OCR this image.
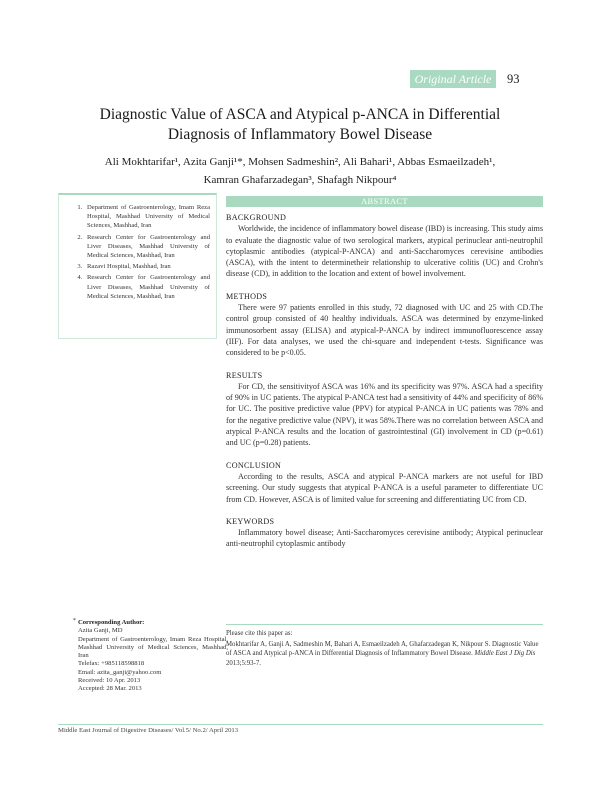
Original Article	93
Diagnostic Value of ASCA and Atypical p-ANCA in Differential
Diagnosis of Inflammatory Bowel Disease
Ali Mokhtarifar¹, Azita Ganji¹*, Mohsen Sadmeshin², Ali Bahari¹, Abbas Esmaeilzadeh¹,
Kamran Ghafarzadegan³, Shafagh Nikpour⁴
1. Department of Gastroenterology, Imam Reza Hospital, Mashhad University of Medical Sciences, Mashhad, Iran
2. Research Center for Gastroenterology and Liver Diseases, Mashhad University of Medical Sciences, Mashhad, Iran
3. Razavi Hospital, Mashhad, Iran
4. Research Center for Gastroenterology and Liver Diseases, Mashhad University of Medical Sciences, Mashhad, Iran
ABSTRACT
BACKGROUND

Worldwide, the incidence of inflammatory bowel disease (IBD) is increasing. This study aims to evaluate the diagnostic value of two serological markers, atypical perinuclear anti-neutrophil cytoplasmic antibodies (atypical-P-ANCA) and anti-Saccharomyces cerevisine antibodies (ASCA), with the intent to determinetheir relationship to ulcerative colitis (UC) and Crohn's disease (CD), in addition to the location and extent of bowel involvement.

METHODS

There were 97 patients enrolled in this study, 72 diagnosed with UC and 25 with CD.The control group consisted of 40 healthy individuals. ASCA was determined by enzyme-linked immunosorbent assay (ELISA) and atypical-P-ANCA by indirect immunofluorescence assay (IIF). For data analyses, we used the chi-square and independent t-tests. Significance was considered to be p<0.05.

RESULTS

For CD, the sensitivityof ASCA was 16% and its specificity was 97%. ASCA had a specifity of 90% in UC patients. The atypical P-ANCA test had a sensitivity of 44% and specificity of 86% for UC. The positive predictive value (PPV) for atypical P-ANCA in UC patients was 78% and for the negative predictive value (NPV), it was 58%.There was no correlation between ASCA and atypical P-ANCA results and the location of gastrointestinal (GI) involvement in CD (p=0.61) and UC (p=0.28) patients.

CONCLUSION

According to the results, ASCA and atypical P-ANCA markers are not useful for IBD screening. Our study suggests that atypical P-ANCA is a useful parameter to differentiate UC from CD. However, ASCA is of limited value for screening and differentiating UC from CD.

KEYWORDS

Inflammatory bowel disease; Anti-Saccharomyces cerevisine antibody; Atypical perinuclear anti-neutrophil cytoplasmic antibody

* Corresponding Author:
Azita Ganji, MD
Department of Gastroenterology, Imam Reza Hospital, Mashhad University of Medical Sciences, Mashhad, Iran
Telefax: +985118598818
Email: azita_ganji@yahoo.com
Received: 10 Apr. 2013
Accepted: 28 Mar. 2013
Please cite this paper as:
Mokhtarifar A, Ganji A, Sadmeshin M, Bahari A, Esmaeilzadeh A, Ghafarzadegan K, Nikpour S. Diagnostic Value of ASCA and Atypical p-ANCA in Differential Diagnosis of Inflammatory Bowel Disease. Middle East J Dig Dis 2013;5:93-7.
Middle East Journal of Digestive Diseases/ Vol.5/ No.2/ April 2013
